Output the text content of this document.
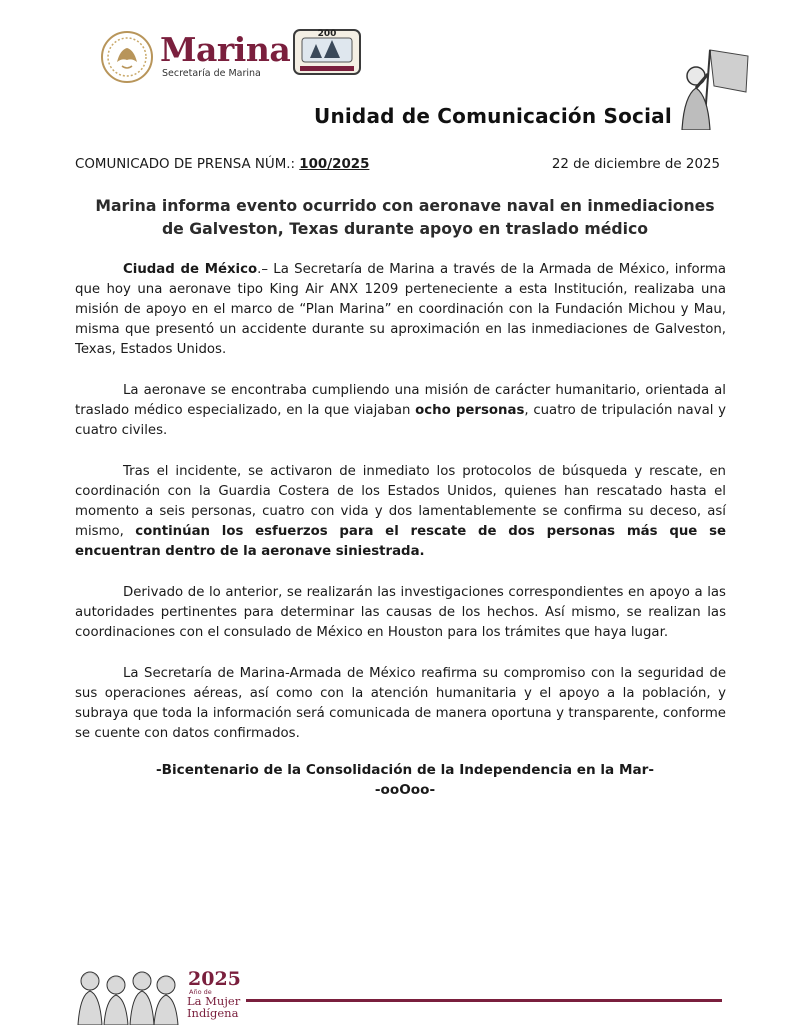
Marina
Secretaría de Marina
200
Unidad de Comunicación Social
COMUNICADO DE PRENSA NÚM.: 100/2025	22 de diciembre de 2025
Marina informa evento ocurrido con aeronave naval en inmediaciones
de Galveston, Texas durante apoyo en traslado médico

Ciudad de México.– La Secretaría de Marina a través de la Armada de México, informa que hoy una aeronave tipo King Air ANX 1209 perteneciente a esta Institución, realizaba una misión de apoyo en el marco de “Plan Marina” en coordinación con la Fundación Michou y Mau, misma que presentó un accidente durante su aproximación en las inmediaciones de Galveston, Texas, Estados Unidos.

La aeronave se encontraba cumpliendo una misión de carácter humanitario, orientada al traslado médico especializado, en la que viajaban ocho personas, cuatro de tripulación naval y cuatro civiles.

Tras el incidente, se activaron de inmediato los protocolos de búsqueda y rescate, en coordinación con la Guardia Costera de los Estados Unidos, quienes han rescatado hasta el momento a seis personas, cuatro con vida y dos lamentablemente se confirma su deceso, así mismo, continúan los esfuerzos para el rescate de dos personas más que se encuentran dentro de la aeronave siniestrada.

Derivado de lo anterior, se realizarán las investigaciones correspondientes en apoyo a las autoridades pertinentes para determinar las causas de los hechos. Así mismo, se realizan las coordinaciones con el consulado de México en Houston para los trámites que haya lugar.

La Secretaría de Marina-Armada de México reafirma su compromiso con la seguridad de sus operaciones aéreas, así como con la atención humanitaria y el apoyo a la población, y subraya que toda la información será comunicada de manera oportuna y transparente, conforme se cuente con datos confirmados.

-Bicentenario de la Consolidación de la Independencia en la Mar-
-ooOoo-
2025
Año de
La Mujer
Indígena
